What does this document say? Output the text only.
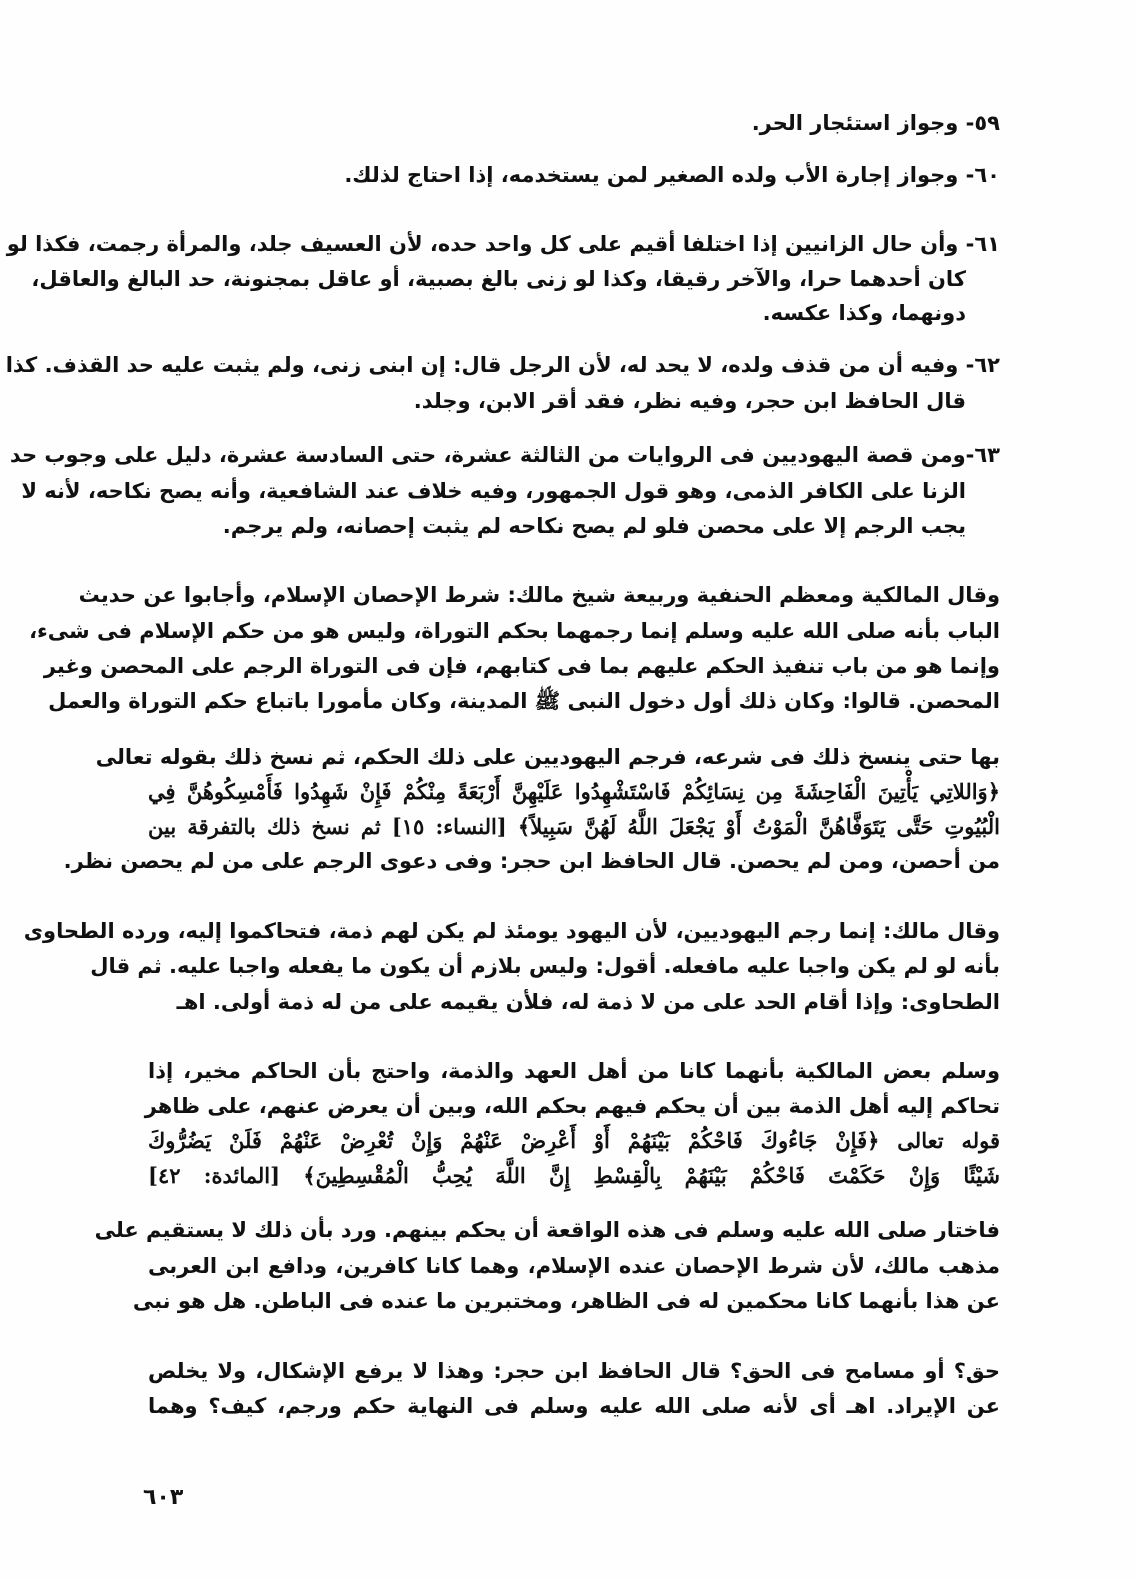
٥٩- وجواز استئجار الحر.
٦٠- وجواز إجارة الأب ولده الصغير لمن يستخدمه، إذا احتاج لذلك.
٦١- وأن حال الزانيين إذا اختلفا أقيم على كل واحد حده، لأن العسيف جلد، والمرأة رجمت، فكذا لو
كان أحدهما حرا، والآخر رقيقا، وكذا لو زنى بالغ بصبية، أو عاقل بمجنونة، حد البالغ والعاقل،
دونهما، وكذا عكسه.
٦٢- وفيه أن من قذف ولده، لا يحد له، لأن الرجل قال: إن ابنى زنى، ولم يثبت عليه حد القذف. كذا
قال الحافظ ابن حجر، وفيه نظر، فقد أقر الابن، وجلد.
٦٣-ومن قصة اليهوديين فى الروايات من الثالثة عشرة، حتى السادسة عشرة، دليل على وجوب حد
الزنا على الكافر الذمى، وهو قول الجمهور، وفيه خلاف عند الشافعية، وأنه يصح نكاحه، لأنه لا
يجب الرجم إلا على محصن فلو لم يصح نكاحه لم يثبت إحصانه، ولم يرجم.
وقال المالكية ومعظم الحنفية وربيعة شيخ مالك: شرط الإحصان الإسلام، وأجابوا عن حديث
الباب بأنه صلى الله عليه وسلم إنما رجمهما بحكم التوراة، وليس هو من حكم الإسلام فى شىء،
وإنما هو من باب تنفيذ الحكم عليهم بما فى كتابهم، فإن فى التوراة الرجم على المحصن وغير
المحصن. قالوا: وكان ذلك أول دخول النبى ﷺ المدينة، وكان مأمورا باتباع حكم التوراة والعمل
بها حتى ينسخ ذلك فى شرعه، فرجم اليهوديين على ذلك الحكم، ثم نسخ ذلك بقوله تعالى
﴿وَاللاتِي يَأْتِينَ الْفَاحِشَةَ مِن نِسَائِكُمْ فَاسْتَشْهِدُوا عَلَيْهِنَّ أَرْبَعَةً مِنْكُمْ فَإِنْ شَهِدُوا فَأَمْسِكُوهُنَّ فِي
الْبُيُوتِ حَتَّى يَتَوَفَّاهُنَّ الْمَوْتُ أَوْ يَجْعَلَ اللَّهُ لَهُنَّ سَبِيلاً﴾ [النساء: ١٥] ثم نسخ ذلك بالتفرقة بين
من أحصن، ومن لم يحصن. قال الحافظ ابن حجر: وفى دعوى الرجم على من لم يحصن نظر.
وقال مالك: إنما رجم اليهوديين، لأن اليهود يومئذ لم يكن لهم ذمة، فتحاكموا إليه، ورده الطحاوى
بأنه لو لم يكن واجبا عليه مافعله. أقول: وليس بلازم أن يكون ما يفعله واجبا عليه. ثم قال
الطحاوى: وإذا أقام الحد على من لا ذمة له، فلأن يقيمه على من له ذمة أولى. اهـ
وسلم بعض المالكية بأنهما كانا من أهل العهد والذمة، واحتج بأن الحاكم مخير، إذا
تحاكم إليه أهل الذمة بين أن يحكم فيهم بحكم الله، وبين أن يعرض عنهم، على ظاهر
قوله تعالى ﴿فَإِنْ جَاءُوكَ فَاحْكُمْ بَيْنَهُمْ أَوْ أَعْرِضْ عَنْهُمْ وَإِنْ تُعْرِضْ عَنْهُمْ فَلَنْ يَضُرُّوكَ
شَيْئًا وَإِنْ حَكَمْتَ فَاحْكُمْ بَيْنَهُمْ بِالْقِسْطِ إِنَّ اللَّهَ يُحِبُّ الْمُقْسِطِينَ﴾ [المائدة: ٤٢]
فاختار صلى الله عليه وسلم فى هذه الواقعة أن يحكم بينهم. ورد بأن ذلك لا يستقيم على
مذهب مالك، لأن شرط الإحصان عنده الإسلام، وهما كانا كافرين، ودافع ابن العربى
عن هذا بأنهما كانا محكمين له فى الظاهر، ومختبرين ما عنده فى الباطن. هل هو نبى
حق؟ أو مسامح فى الحق؟ قال الحافظ ابن حجر: وهذا لا يرفع الإشكال، ولا يخلص
عن الإيراد. اهـ أى لأنه صلى الله عليه وسلم فى النهاية حكم ورجم، كيف؟ وهما
٦٠٣
